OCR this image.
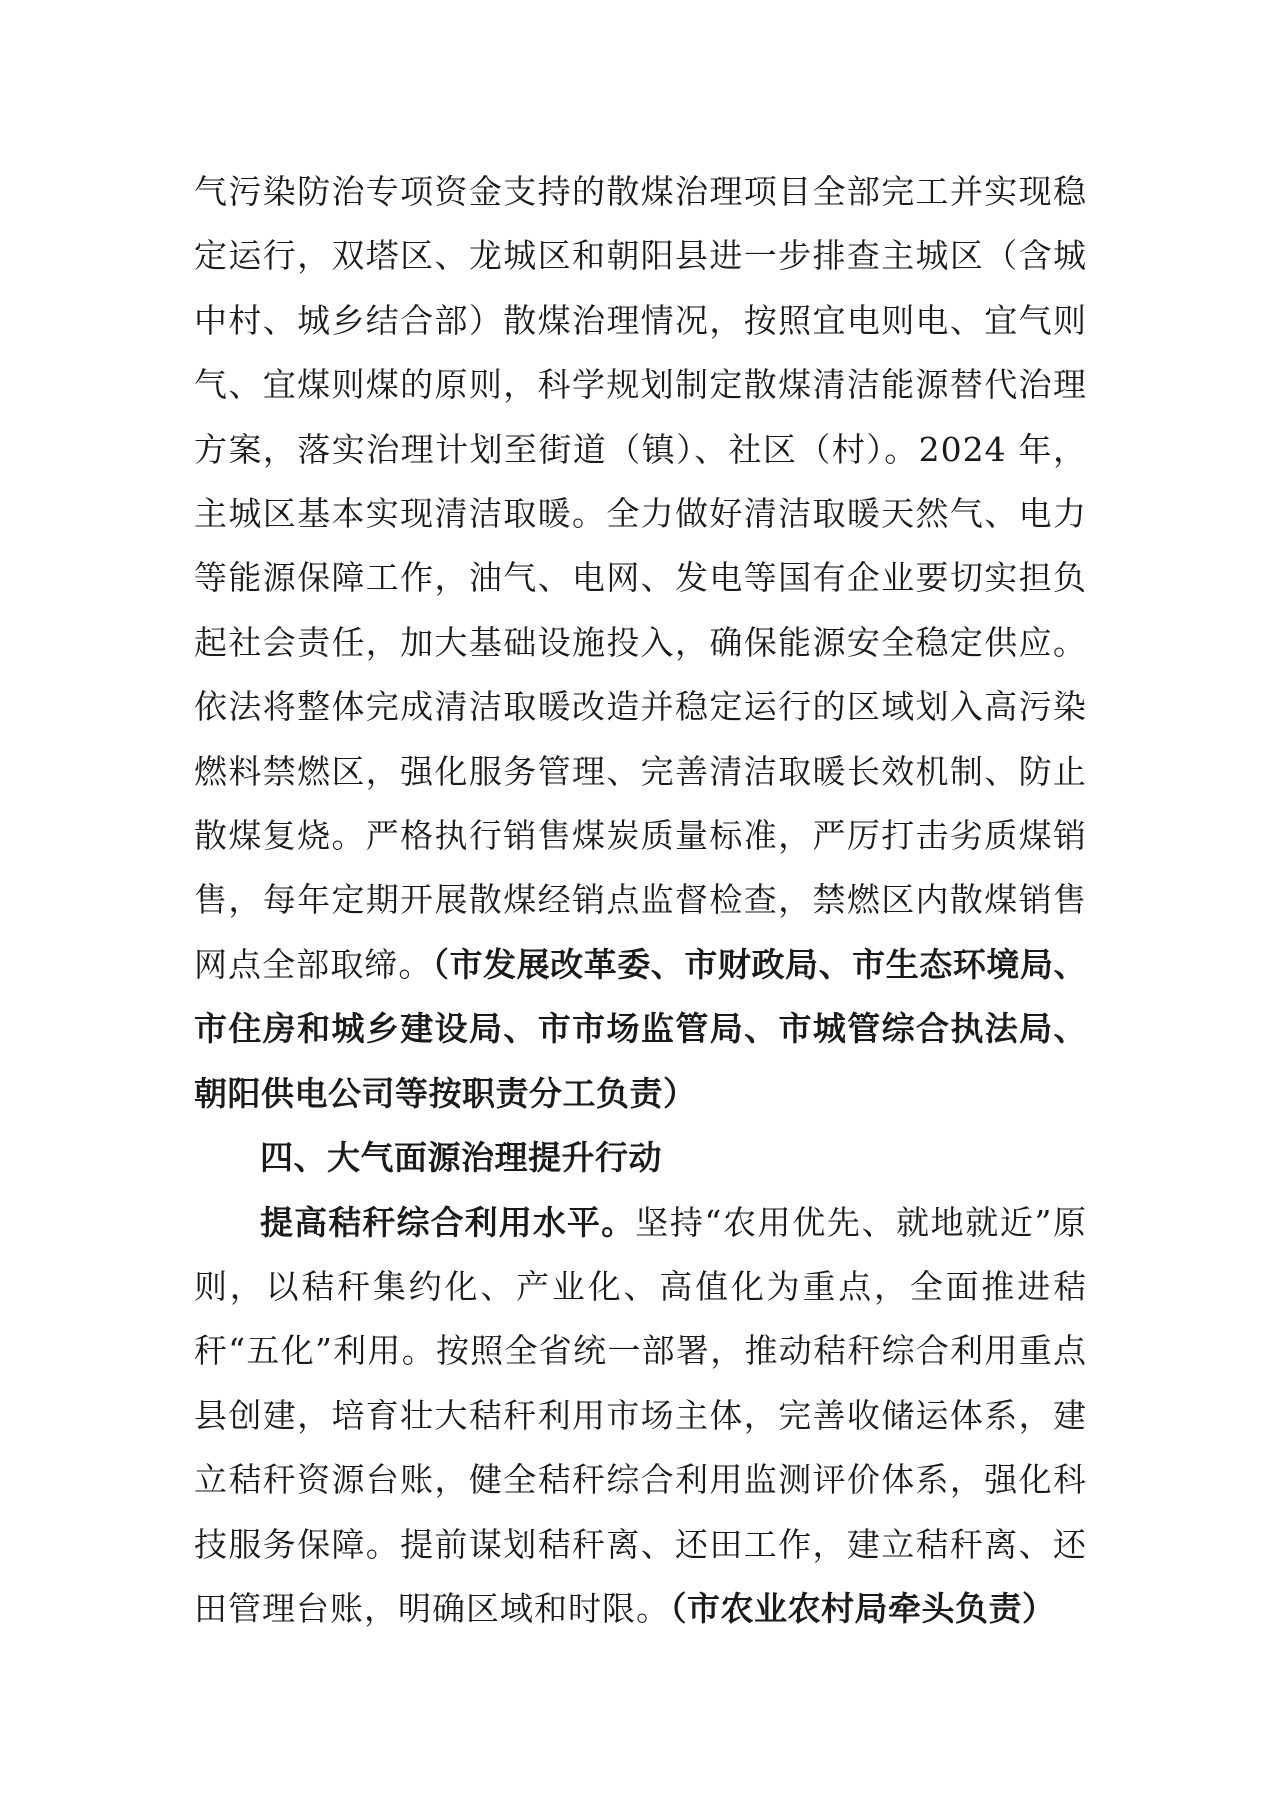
气污染防治专项资金支持的散煤治理项目全部完工并实现稳定运行，双塔区、龙城区和朝阳县进一步排查主城区（含城中村、城乡结合部）散煤治理情况，按照宜电则电、宜气则气、宜煤则煤的原则，科学规划制定散煤清洁能源替代治理方案，落实治理计划至街道（镇）、社区（村）。2024 年，主城区基本实现清洁取暖。全力做好清洁取暖天然气、电力等能源保障工作，油气、电网、发电等国有企业要切实担负起社会责任，加大基础设施投入，确保能源安全稳定供应。依法将整体完成清洁取暖改造并稳定运行的区域划入高污染燃料禁燃区，强化服务管理、完善清洁取暖长效机制、防止散煤复烧。严格执行销售煤炭质量标准，严厉打击劣质煤销售，每年定期开展散煤经销点监督检查，禁燃区内散煤销售网点全部取缔。（市发展改革委、市财政局、市生态环境局、市住房和城乡建设局、市市场监管局、市城管综合执法局、朝阳供电公司等按职责分工负责）

四、大气面源治理提升行动

提高秸秆综合利用水平。坚持“农用优先、就地就近”原则，以秸秆集约化、产业化、高值化为重点，全面推进秸秆“五化”利用。按照全省统一部署，推动秸秆综合利用重点县创建，培育壮大秸秆利用市场主体，完善收储运体系，建立秸秆资源台账，健全秸秆综合利用监测评价体系，强化科技服务保障。提前谋划秸秆离、还田工作，建立秸秆离、还田管理台账，明确区域和时限。（市农业农村局牵头负责）
